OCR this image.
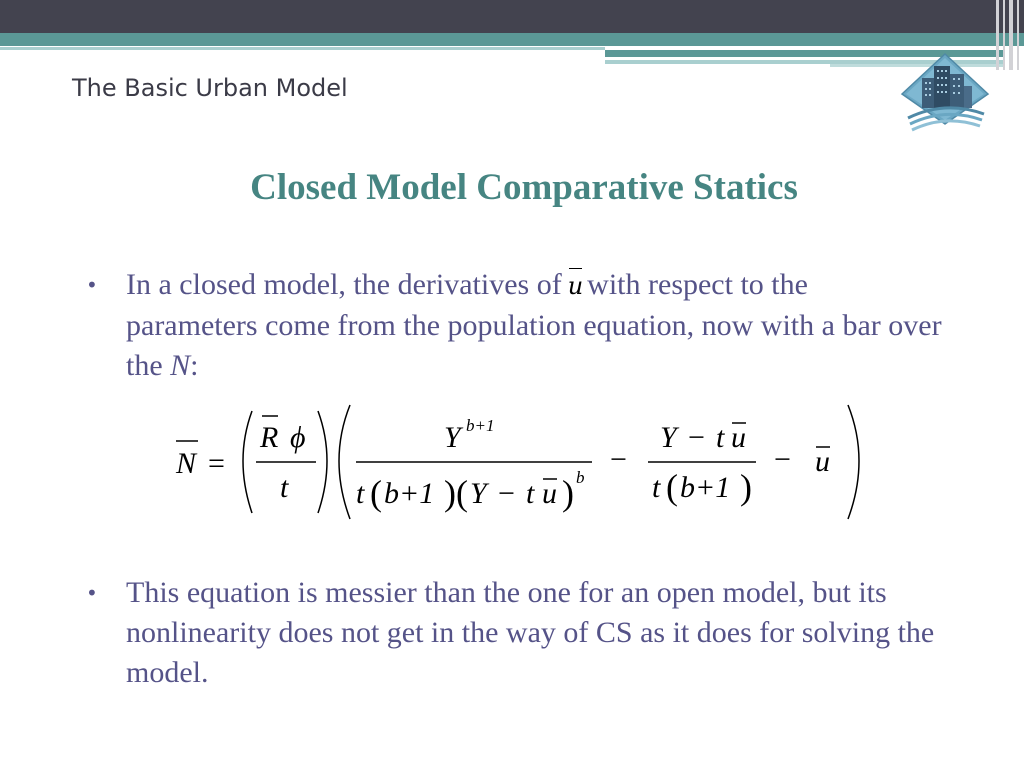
The Basic Urban Model
Closed Model Comparative Statics
• In a closed model, the derivatives of u with respect to the parameters come from the population equation, now with a bar over the N:
N =
R ϕ
t
Y b+1
t ( b+1 ) ( Y − t u ) b
−
Y − t u
t ( b+1 )
− u
• This equation is messier than the one for an open model, but its nonlinearity does not get in the way of CS as it does for solving the model.
